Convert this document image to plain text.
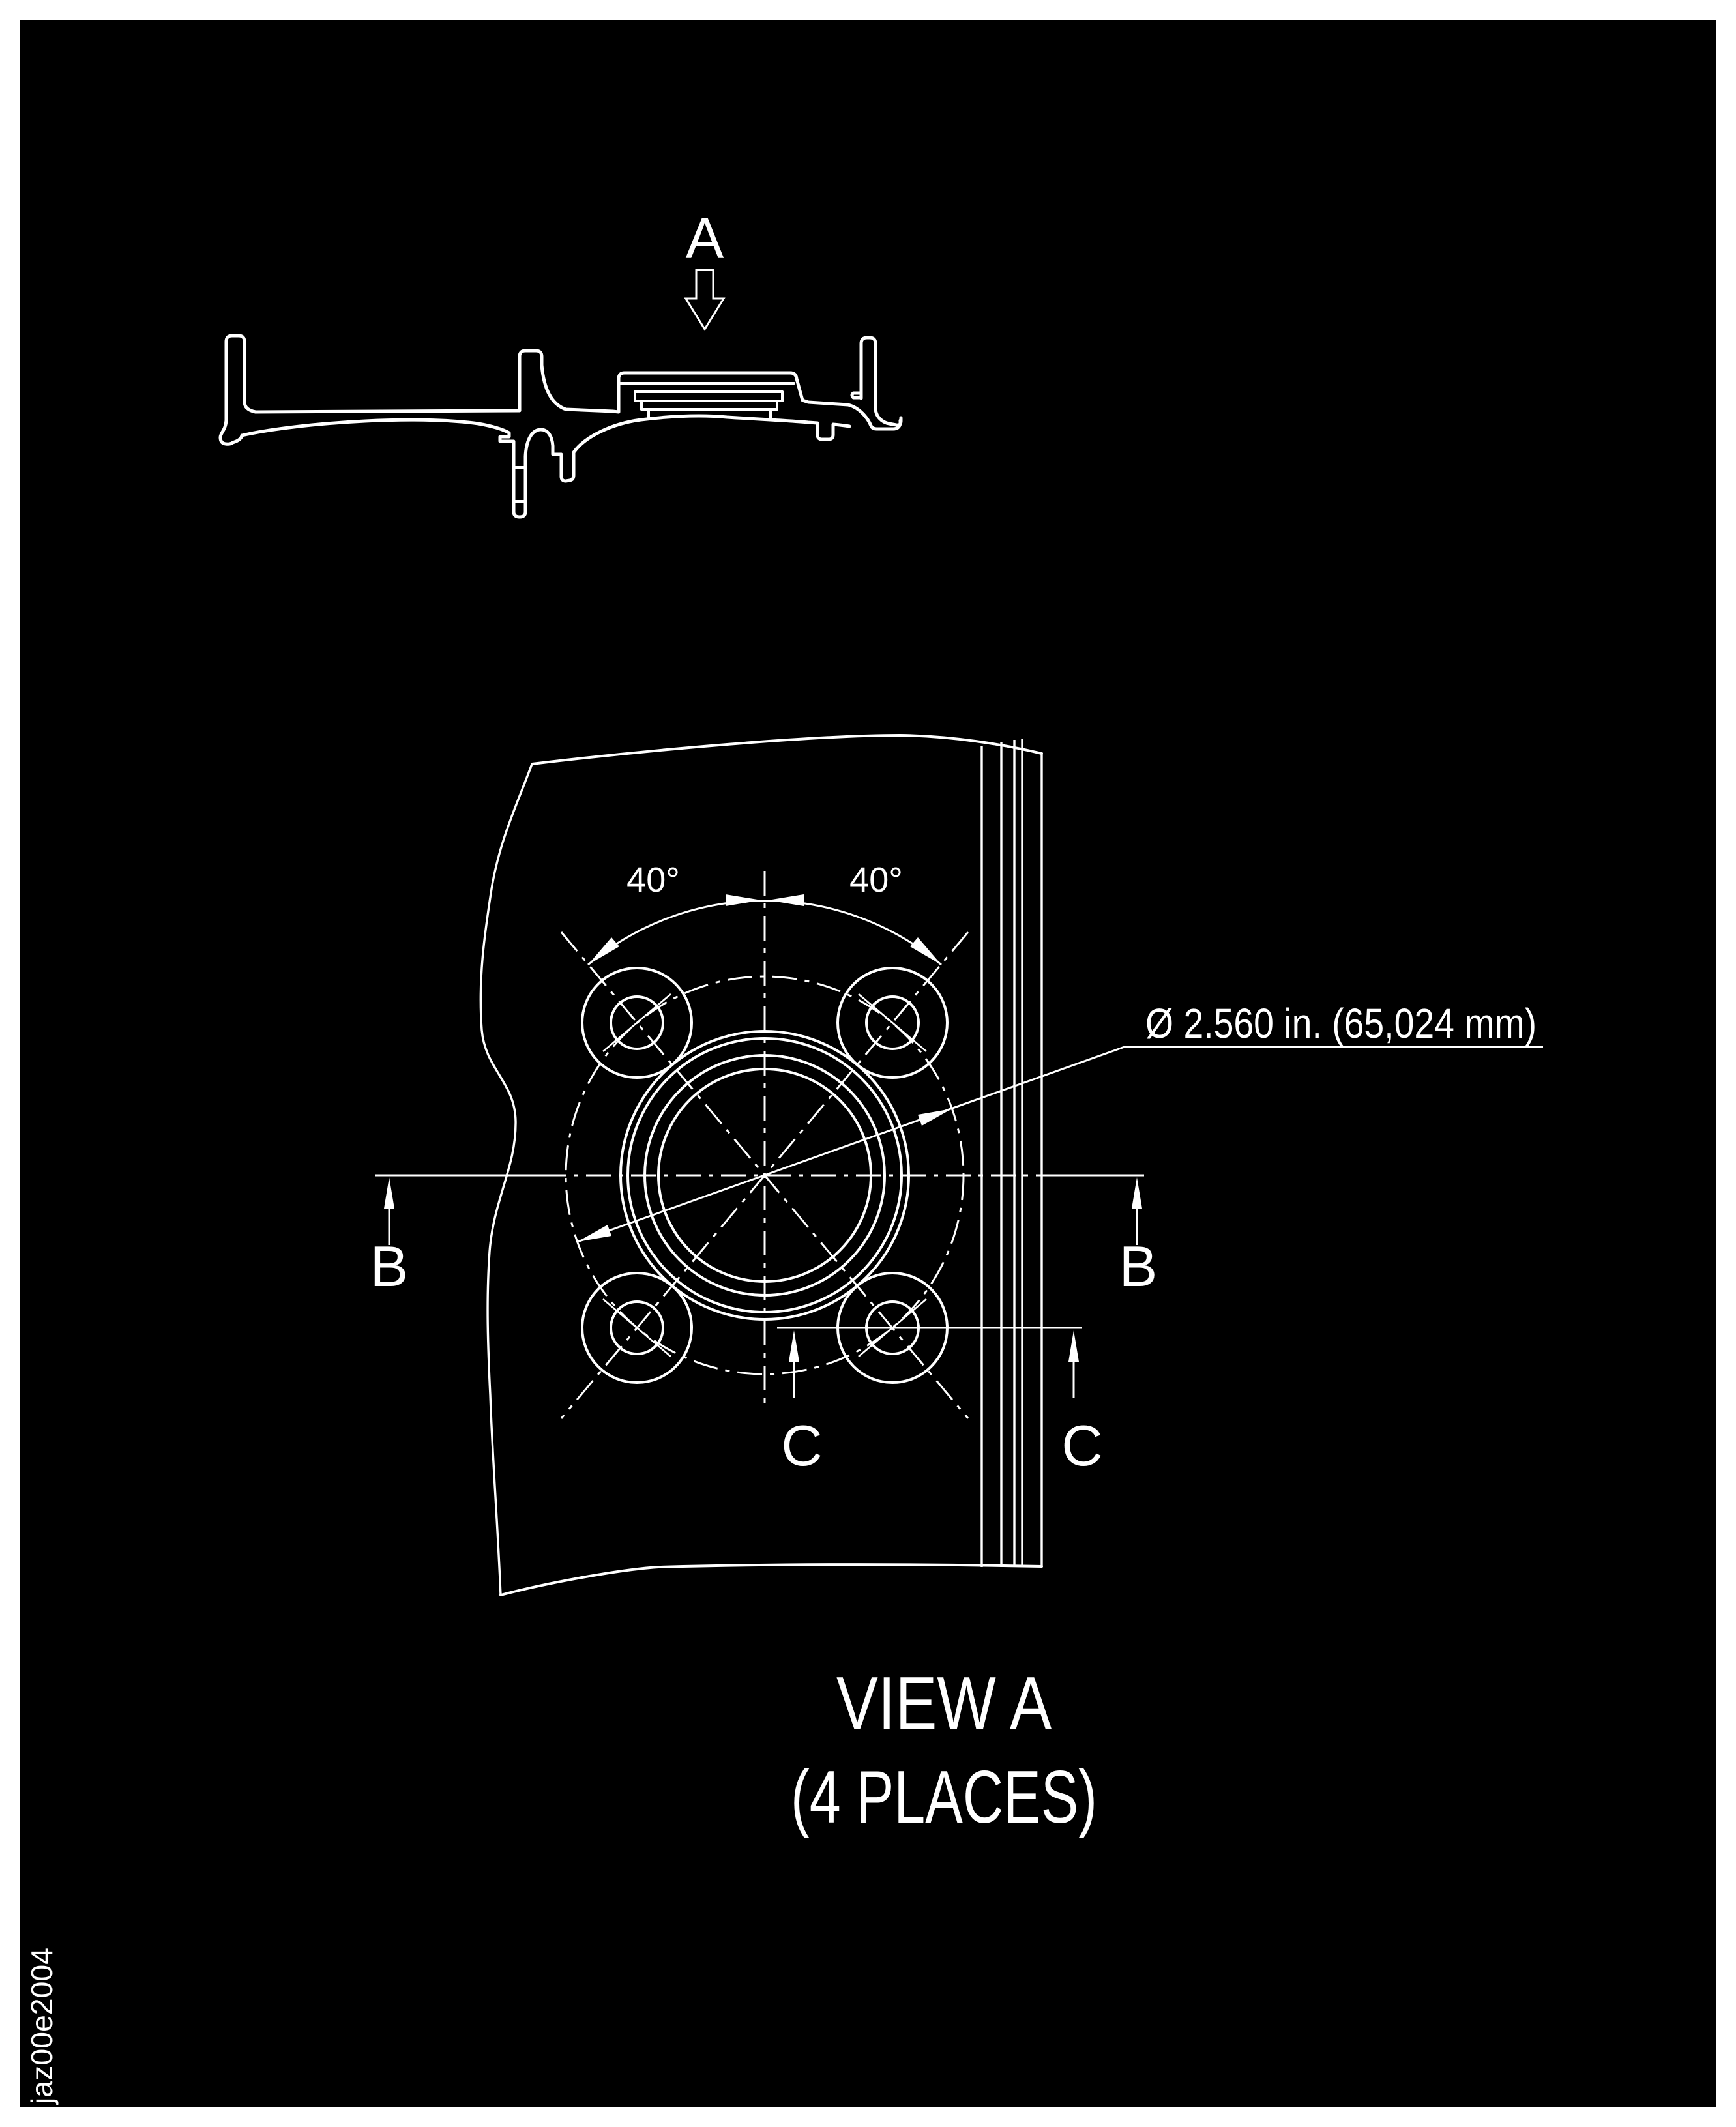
A
40°	40°
Ø 2.560 in. (65,024 mm)
B	B
C	C
VIEW A
(4 PLACES)
jaz00e2004
